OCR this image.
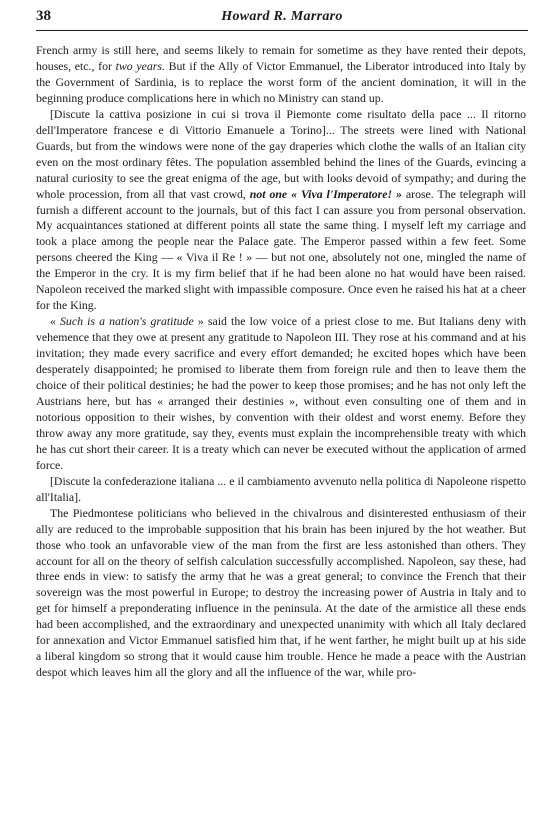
38	Howard R. Marraro

French army is still here, and seems likely to remain for sometime as they have rented their depots, houses, etc., for two years. But if the Ally of Victor Emmanuel, the Liberator introduced into Italy by the Government of Sardinia, is to replace the worst form of the ancient domination, it will in the beginning produce complications here in which no Ministry can stand up.

[Discute la cattiva posizione in cui si trova il Piemonte come risultato della pace ... Il ritorno dell'Imperatore francese e di Vittorio Emanuele a Torino]... The streets were lined with National Guards, but from the windows were none of the gay draperies which clothe the walls of an Italian city even on the most ordinary fêtes. The population assembled behind the lines of the Guards, evincing a natural curiosity to see the great enigma of the age, but with looks devoid of sympathy; and during the whole procession, from all that vast crowd, not one « Viva l'Imperatore! » arose. The telegraph will furnish a different account to the journals, but of this fact I can assure you from personal observation. My acquaintances stationed at different points all state the same thing. I myself left my carriage and took a place among the people near the Palace gate. The Emperor passed within a few feet. Some persons cheered the King — « Viva il Re ! » — but not one, absolutely not one, mingled the name of the Emperor in the cry. It is my firm belief that if he had been alone no hat would have been raised. Napoleon received the marked slight with impassible composure. Once even he raised his hat at a cheer for the King.

« Such is a nation's gratitude » said the low voice of a priest close to me. But Italians deny with vehemence that they owe at present any gratitude to Napoleon III. They rose at his command and at his invitation; they made every sacrifice and every effort demanded; he excited hopes which have been desperately disappointed; he promised to liberate them from foreign rule and then to leave them the choice of their political destinies; he had the power to keep those promises; and he has not only left the Austrians here, but has « arranged their destinies », without even consulting one of them and in notorious opposition to their wishes, by convention with their oldest and worst enemy. Before they throw away any more gratitude, say they, events must explain the incomprehensible treaty with which he has cut short their career. It is a treaty which can never be executed without the application of armed force.

[Discute la confederazione italiana ... e il cambiamento avvenuto nella politica di Napoleone rispetto all'Italia].

The Piedmontese politicians who believed in the chivalrous and disinterested enthusiasm of their ally are reduced to the improbable supposition that his brain has been injured by the hot weather. But those who took an unfavorable view of the man from the first are less astonished than others. They account for all on the theory of selfish calculation successfully accomplished. Napoleon, say these, had three ends in view: to satisfy the army that he was a great general; to convince the French that their sovereign was the most powerful in Europe; to destroy the increasing power of Austria in Italy and to get for himself a preponderating influence in the peninsula. At the date of the armistice all these ends had been accomplished, and the extraordinary and unexpected unanimity with which all Italy declared for annexation and Victor Emmanuel satisfied him that, if he went farther, he might built up at his side a liberal kingdom so strong that it would cause him trouble. Hence he made a peace with the Austrian despot which leaves him all the glory and all the influence of the war, while pro-
